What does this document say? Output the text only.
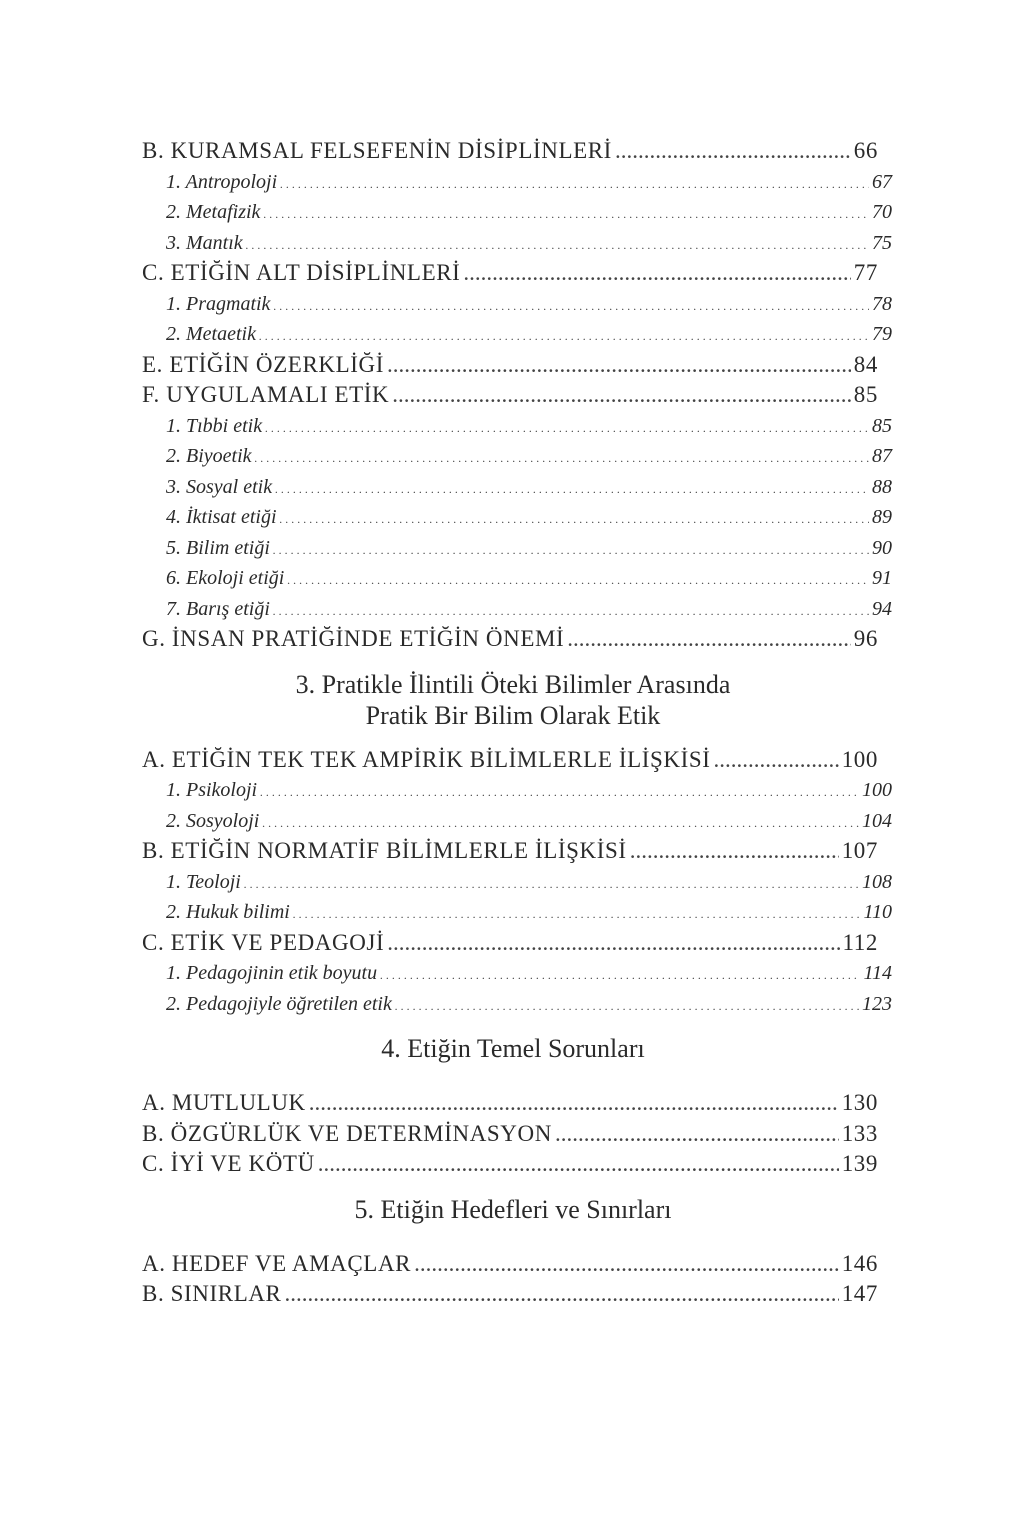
B. KURAMSAL FELSEFENİN DİSİPLİNLERİ .....	66
1. Antropoloji . . .	67
2. Metafizik . . .	70
3. Mantık . . .	75
C. ETİĞİN ALT DİSİPLİNLERİ .....	77
1. Pragmatik . . .	78
2. Metaetik . . .	79
E. ETİĞİN ÖZERKLİĞİ .....	84
F. UYGULAMALI ETİK .....	85
1. Tıbbi etik . . .	85
2. Biyoetik . . .	87
3. Sosyal etik . . .	88
4. İktisat etiği . . .	89
5. Bilim etiği . . .	90
6. Ekoloji etiği . . .	91
7. Barış etiği . . .	94
G. İNSAN PRATİĞİNDE ETİĞİN ÖNEMİ .....	96
3. Pratikle İlintili Öteki Bilimler Arasında
Pratik Bir Bilim Olarak Etik
A. ETİĞİN TEK TEK AMPİRİK BİLİMLERLE İLİŞKİSİ .....	100
1. Psikoloji . . .	100
2. Sosyoloji . . .	104
B. ETİĞİN NORMATİF BİLİMLERLE İLİŞKİSİ .....	107
1. Teoloji . . .	108
2. Hukuk bilimi . . .	110
C. ETİK VE PEDAGOJİ .....	112
1. Pedagojinin etik boyutu . . .	114
2. Pedagojiyle öğretilen etik . . .	123
4. Etiğin Temel Sorunları
A. MUTLULUK .....	130
B. ÖZGÜRLÜK VE DETERMİNASYON .....	133
C. İYİ VE KÖTÜ .....	139
5. Etiğin Hedefleri ve Sınırları
A. HEDEF VE AMAÇLAR .....	146
B. SINIRLAR .....	147
